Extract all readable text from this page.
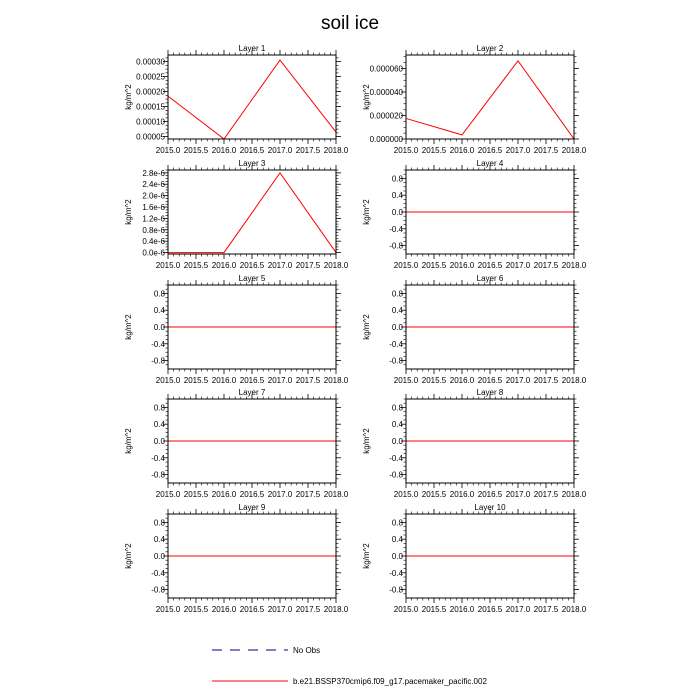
soil ice
Layer 1
kg/m^2
2015.0 2015.5 2016.0 2016.5 2017.0 2017.5 2018.0
0.00005
0.00010
0.00015
0.00020
0.00025
0.00030
Layer 2
kg/m^2
2015.0 2015.5 2016.0 2016.5 2017.0 2017.5 2018.0
0.000000
0.000020
0.000040
0.000060
Layer 3
kg/m^2
2015.0 2015.5 2016.0 2016.5 2017.0 2017.5 2018.0
0.0e-6
0.4e-6
0.8e-6
1.2e-6
1.6e-6
2.0e-6
2.4e-6
2.8e-6
Layer 4
kg/m^2
2015.0 2015.5 2016.0 2016.5 2017.0 2017.5 2018.0
-0.8
-0.4
0.0
0.4
0.8
Layer 5
kg/m^2
2015.0 2015.5 2016.0 2016.5 2017.0 2017.5 2018.0
-0.8
-0.4
0.0
0.4
0.8
Layer 6
kg/m^2
2015.0 2015.5 2016.0 2016.5 2017.0 2017.5 2018.0
-0.8
-0.4
0.0
0.4
0.8
Layer 7
kg/m^2
2015.0 2015.5 2016.0 2016.5 2017.0 2017.5 2018.0
-0.8
-0.4
0.0
0.4
0.8
Layer 8
kg/m^2
2015.0 2015.5 2016.0 2016.5 2017.0 2017.5 2018.0
-0.8
-0.4
0.0
0.4
0.8
Layer 9
kg/m^2
2015.0 2015.5 2016.0 2016.5 2017.0 2017.5 2018.0
-0.8
-0.4
0.0
0.4
0.8
Layer 10
kg/m^2
2015.0 2015.5 2016.0 2016.5 2017.0 2017.5 2018.0
-0.8
-0.4
0.0
0.4
0.8
No Obs
b.e21.BSSP370cmip6.f09_g17.pacemaker_pacific.002
